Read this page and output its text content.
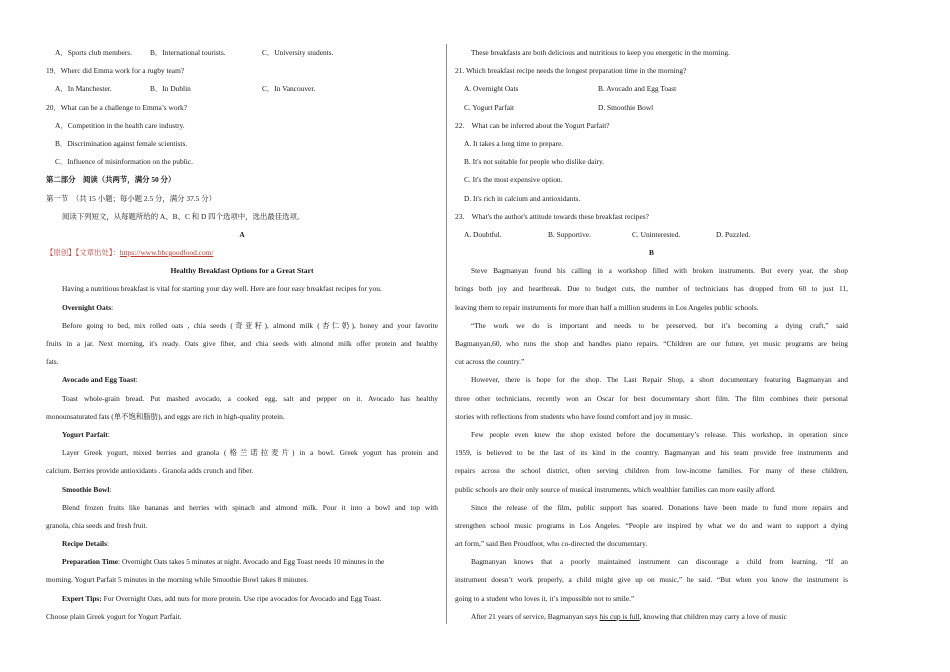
A．Sports club members.	B．International tourists.	C．University students.
19．Wherc did Emma work for a rugby team?
A．In Manchester.	B．In Dublin	C．In Vancouver.
20．What can be a challenge to Emma’s work?
A．Competition in the health care industry.
B．Discrimination against female scientists.
C．Influence of misinformation on the public.
第二部分　阅读（共两节，满分 50 分）
第一节　（共 15 小题；每小题 2.5 分，满分 37.5 分）
阅读下列短文，从每题所给的 A、B、C 和 D 四个选项中，选出最佳选项。
A
【原创】【文章出处】：https://www.bbcgoodfood.com/
Healthy Breakfast Options for a Great Start
Having a nutritious breakfast is vital for starting your day well. Here are four easy breakfast recipes for you.
Overnight Oats:
Before going to bed, mix rolled oats , chia seeds (奇亚籽), almond milk (杏仁奶), honey and your favorite
fruits in a jar. Next morning, it's ready. Oats give fiber, and chia seeds with almond milk offer protein and healthy
fats.
Avocado and Egg Toast:
Toast whole-grain bread. Put mashed avocado, a cooked egg, salt and pepper on it. Avocado has healthy
monounsaturated fats (单不饱和脂肪), and eggs are rich in high-quality protein.
Yogurt Parfait:
Layer Greek yogurt, mixed berries and granola (格兰诺拉麦片) in a bowl. Greek yogurt has protein and
calcium. Berries provide antioxidants . Granola adds crunch and fiber.
Smoothie Bowl:
Blend frozen fruits like bananas and herries with spinach and almond milk. Pour it into a bowl and top with
granola, chia seeds and fresh fruit.
Recipe Details:
Preparation Time: Overnight Oats takes 5 minutes at night. Avocado and Egg Toast needs 10 minutes in the
morning. Yogurt Parfait 5 minutes in the morning while Smoothie Bowl takes 8 minutes.
Expert Tips: For Overnight Oats, add nuts for more protein. Use ripe avocados for Avocado and Egg Toast.
Choose plain Greek yogurt for Yogurt Parfait.
These breakfasts are both delicious and nutritious to keep you energetic in the morning.
21. Which breakfast recipe needs the longest preparation time in the morning?
A. Overnight Oats	B. Avocado and Egg Toast
C. Yogurt Parfait	D. Smoothie Bowl
22.　What can be inferred about the Yogurt Parfait?
A. It takes a long time to prepare.
B. It's not suitable for people who dislike dairy.
C. It's the most expensive option.
D. It's rich in calcium and antioxidants.
23.　What's the author's attitude towards these breakfast recipes?
A. Doubtful.	B. Supportive.	C. Uninterested.	D. Puzzled.
B
Steve Bagmanyan found his calling in a workshop filled with broken instruments. But every year, the shop
brings both joy and heartbreak. Due to budget cuts, the number of technicians has dropped from 60 to just 11,
leaving them to repair instruments for more than half a million students in Los Angeles public schools.
“The work we do is important and needs to be preserved, but it’s becoming a dying craft,” said
Bagmanyan,60, who runs the shop and handles piano repairs. “Children are our future, yet music programs are being
cut across the country.”
However, there is hope for the shop. The Last Repair Shop, a short documentary featuring Bagmanyan and
three other technicians, recently won an Oscar for best documentary short film. The film combines their personal
stories with reflections from students who have found comfort and joy in music.
Few people even knew the shop existed before the documentary’s release. This workshop, in operation since
1959, is believed to be the last of its kind in the country. Bagmanyan and his team provide free instruments and
repairs across the school district, often serving children from low-income families. For many of these children,
public schools are their only source of musical instruments, which wealthier families can more easily afford.
Since the release of the film, public support has soared. Donations have been made to fund more repairs and
strengthen school music programs in Los Angeles. “People are inspired by what we do and want to support a dying
art form,” said Ben Proudfoot, who co-directed the documentary.
Bagmanyan knows that a poorly maintained instrument can discourage a child from learning. “If an
instrument doesn’t work properly, a child might give up on music,” he said. “But when you know the instrument is
going to a student who loves it, it’s impossible not to smile.”
After 21 years of service, Bagmanyan says his cup is full, knowing that children may carry a love of music
